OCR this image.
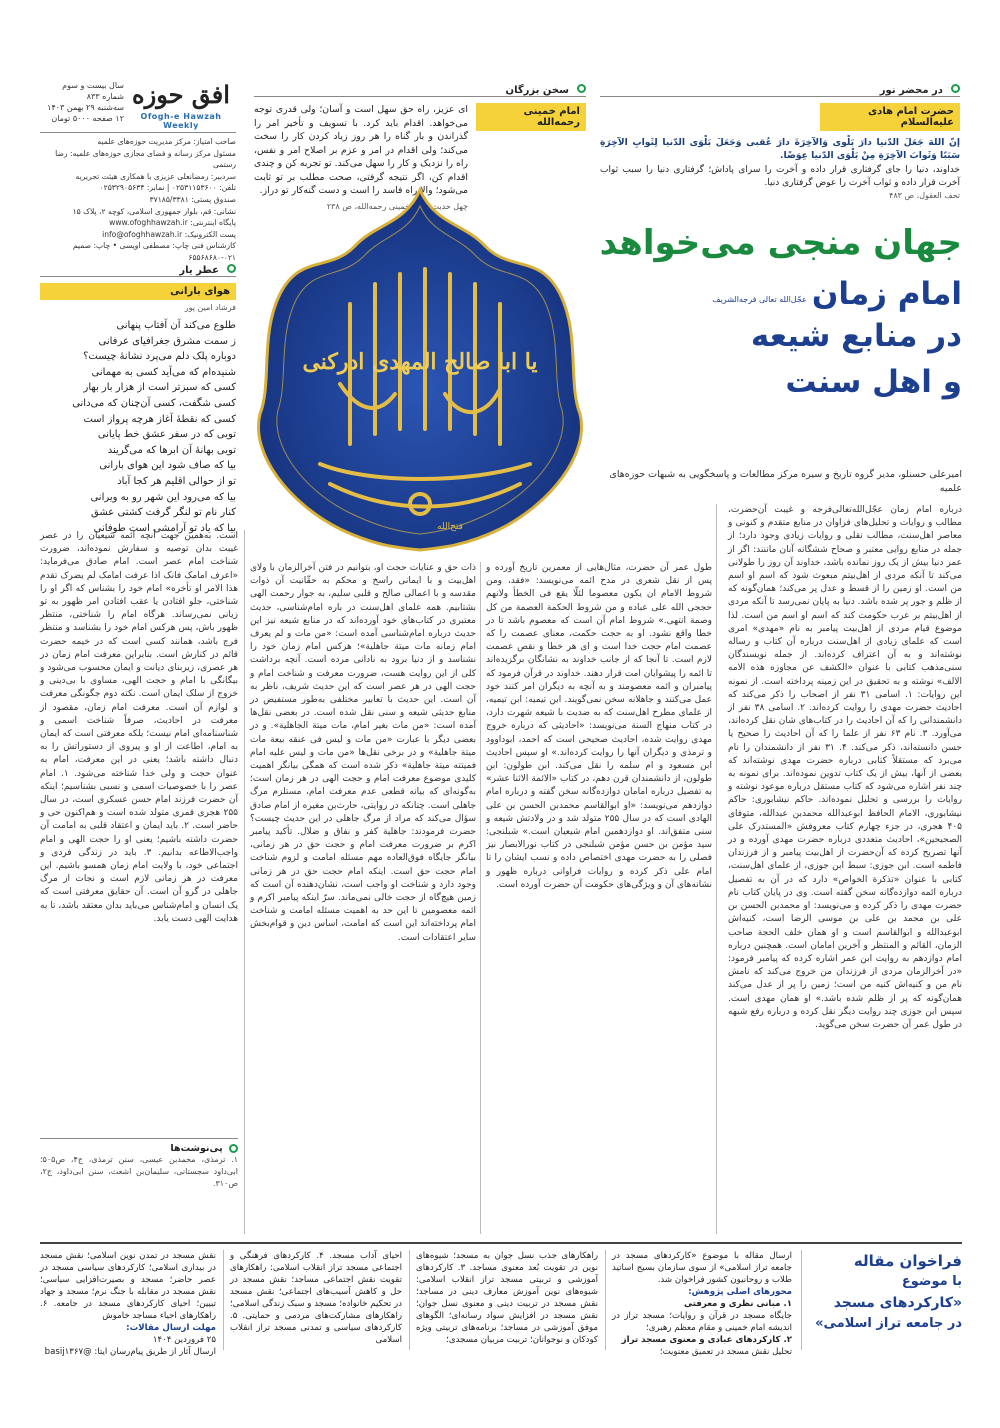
افق حوزه
Ofogh-e Hawzah Weekly
سال بیست و سوم
شماره ۸۳۳
سه‌شنبه ۲۹ بهمن ۱۴۰۳
۱۲ صفحه ۵۰۰۰ تومان
صاحب امتیاز: مرکز مدیریت حوزه‌های علمیه
مسئول مرکز رسانه و فضای مجازی حوزه‌های علمیه: رضا رستمی
سردبیر: رمضانعلی عزیزی با همکاری هیئت تحریریه
تلفن: ۰۲۵۳۱۱۵۳۶۰۰ | نمابر: ۰۲۵۳۲۹۰۵۶۳۴
صندوق پستی: ۳۷۱۸۵/۳۳۸۱
نشانی: قم، بلوار جمهوری اسلامی، کوچه ۲، پلاک ۱۵
پایگاه اینترنتی: www.ofoghhawzah.ir
پست الکترونیک: info@ofoghhawzah.ir
کارشناس فنی چاپ: مصطفی اویسی • چاپ: صمیم ۰۲۱-۶۵۵۶۸۶۸۰
عطر یار
هوای بارانی
فرشاد امین پور
طلوع می‌کند آن آفتاب پنهانی
ز سمت مشرق جغرافیای عرفانی
دوباره پلک دلم می‌پرد نشانهٔ چیست؟
شنیده‌ام که می‌آید کسی به مهمانی
کسی که سبزتر است از هزار بار بهار
کسی شگفت، کسی آن‌چنان که می‌دانی
کسی که نقطهٔ آغاز هرچه پرواز است
تویی که در سفر عشق خط پایانی
تویی بهانهٔ آن ابرها که می‌گریند
بیا که صاف شود این هوای بارانی
تو از حوالی اقلیم هر کجا آباد
بیا که می‌رود این شهر رو به ویرانی
کنار نام تو لنگر گرفت کشتی عشق
بیا که یاد تو آرامشی است طوفانی
سخن بزرگان
امام خمینی رحمه‌الله
ای عزیز، راه حق سهل است و آسان؛ ولی قدری توجه می‌خواهد. اقدام باید کرد. با تسویف و تأخیر امر را گذراندن و بار گناه را هر روز زیاد کردن کار را سخت می‌کند؛ ولی اقدام در امر و عزم بر اصلاح امر و نفس، راه را نزدیک و کار را سهل می‌کند. تو تجربه کن و چندی اقدام کن، اگر نتیجه گرفتی، صحت مطلب بر تو ثابت می‌شود؛ والا راه فاسد را است و دست گنه‌کار تو دراز.
چهل حدیث، امام خمینی رحمه‌الله، ص ۲۳۸
در محضر نور
حضرت امام هادی علیه‌السلام
إنّ اللهَ جَعَلَ الدّنیا دارَ بَلْوی وَالآخِرَةَ دارَ عُقبی وَجَعَلَ بَلْوَی الدّنیا لِثَوابِ الآخِرَةِ سَبَبًا وَثَوابَ الآخِرَةِ مِنْ بَلْوَی الدّنیا عِوَضًا.
خداوند، دنیا را جای گرفتاری قرار داده و آخرت را سرای پاداش؛ گرفتاری دنیا را سبب ثواب آخرت قرار داده و ثواب آخرت را عوض گرفتاری دنیا.
تحف العقول، ص ۴۸۳
یا ابا صالح المهدی ادرکنی
فتح‌الله
جهان منجی می‌خواهد
امام زمان عجّل‌الله تعالی فرجه‌الشریف
در منابع شیعه
و اهل سنت
امیرعلی حسنلو، مدیر گروه تاریخ و سیره مرکز مطالعات و پاسخگویی به شبهات حوزه‌های علمیه
درباره امام زمان عجّل‌الله‌تعالی‌فرجه و غیبت آن‌حضرت، مطالب و روایات و تحلیل‌های فراوان در منابع متقدم و کنونی و معاصر اهل‌سنت، مطالب نقلی و روایات زیادی وجود دارد؛ از جمله در منابع روایی معتبر و صحاح ششگانه آنان ماننند: اگر از عمر دنیا بیش از یک روز نمانده باشد، خداوند آن روز را طولانی می‌کند تا آنکه مردی از اهل‌بیتم مبعوث شود که اسم او اسم من است. او زمین را از قسط و عدل پر می‌کند؛ همان‌گونه که از ظلم و جور پر شده باشد. دنیا به پایان نمی‌رسد تا آنکه مردی از اهل‌بیتم بر عرب حکومت کند که اسم او اسم من است. لذا موضوع قیام مردی از اهل‌بیت پیامبر به نام «مهدی» امری است که علمای زیادی از اهل‌سنت درباره آن کتاب و رساله نوشته‌اند و به آن اعتراف کرده‌اند. از جمله نویسندگان سنی‌مذهب کتابی با عنوان «الکشف عن مجاوزه هذه الامه الالف» نوشته و به تحقیق در این زمینه پرداخته است. از نمونه این روایات: ۱. اسامی ۳۱ نفر از اصحاب را ذکر می‌کند که احادیث حضرت مهدی را روایت کرده‌اند. ۲. اسامی ۳۸ نفر از دانشمندانی را که آن احادیث را در کتاب‌های شان نقل کرده‌اند، می‌آورد. ۳. نام ۶۳ نفر از علما را که آن احادیث را صحیح یا حسن دانسته‌اند، ذکر می‌کند. ۴. ۳۱ نفر از دانشمندان را نام می‌برد که مستقلاً کتابی درباره حضرت مهدی نوشته‌اند که بعضی از آنها، بیش از یک کتاب تدوین نموده‌اند. برای نمونه به چند نفر اشاره می‌شود که کتاب مستقل درباره موعود نوشته و روایات را بررسی و تحلیل نموده‌اند. حاکم نیشابوری: حاکم نیشابوری، الامام الحافظ ابوعبدالله محمدبن عبدالله، متوفای ۴۰۵ هجری، در جزء چهارم کتاب معروفش «المستدرک علی الصحیحین»، احادیث متعددی درباره حضرت مهدی آورده و در آنها تصریح کرده که آن‌حضرت از اهل‌بیت پیامبر و از فرزندان فاطمه است. ابن جوزی: سبط ابن جوزی، از علمای اهل‌سنت، کتابی با عنوان «تذکرة الخواص» دارد که در آن به تفصیل درباره ائمه دوازده‌گانه سخن گفته است. وی در پایان کتاب نام حضرت مهدی را ذکر کرده و می‌نویسد: او محمدبن الحسن بن علی بن محمد بن علی بن موسی الرضا است، کنیه‌اش ابوعبدالله و ابوالقاسم است و او همان خلف الحجة صاحب الزمان، القائم و المنتظر و آخرین امامان است. همچنین درباره امام دوازدهم به روایت ابن عمر اشاره کرده که پیامبر فرمود: «در آخرالزمان مردی از فرزندان من خروج می‌کند که نامش نام من و کنیه‌اش کنیه من است؛ زمین را پر از عدل می‌کند همان‌گونه که پر از ظلم شده باشد.» او همان مهدی است. سپس ابن جوزی چند روایت دیگر نقل کرده و درباره رفع شبهه در طول عمر آن حضرت سخن می‌گوید.
طول عمر آن حضرت، مثال‌هایی از معمرین تاریخ آورده و پس از نقل شعری در مدح ائمه می‌نویسد: «فقد، ومن شروط الامام ان یکون معصوما لئلّا یقع فی الخطأ ولانهم حججی الله علی عباده و من شروط الحکمة العصمة من کل وصمة انتهی.» شروط امام آن است که معصوم باشد تا در خطا واقع نشود. او به حجت حکمت، معنای عصمت را که عصمت امام حجت خدا است و ای هر خطا و نقص عصمت لازم است. تا آنجا که از جانب خداوند به نشانگان برگزیده‌اند تا ائمه را پیشوایان امت قرار دهند. خداوند در قرآن فرمود که پیامبران و ائمه معصومند و به آنچه به دیگران امر کنند خود عمل می‌کنند و جاهلانه سخن نمی‌گویند. ابن تیمیه: ابن تیمیه، از علمای مطرح اهل‌سنت که به ضدیت با شیعه شهرت دارد، در کتاب منهاج السنة می‌نویسد: «احادیثی که درباره خروج مهدی روایت شده، احادیث صحیحی است که احمد، ابوداوود و ترمذی و دیگران آنها را روایت کرده‌اند.» او سپس احادیث ابن مسعود و ام سلمه را نقل می‌کند. ابن طولون: ابن طولون، از دانشمندان قرن دهم، در کتاب «الائمة الاثنا عشر» به تفصیل درباره امامان دوازده‌گانه سخن گفته و درباره امام دوازدهم می‌نویسد: «او ابوالقاسم محمدبن الحسن بن علی الهادی است که در سال ۲۵۵ متولد شد و در ولادتش شیعه و سنی متفق‌اند. او دوازدهمین امام شیعیان است.» شبلنجی: سید مؤمن بن حسن مؤمن شبلنجی در کتاب نورالابصار نیز فصلی را به حضرت مهدی اختصاص داده و نسب ایشان را تا امام علی ذکر کرده و روایات فراوانی درباره ظهور و نشانه‌های آن و ویژگی‌های حکومت آن حضرت آورده است.
ذات حق و عنایات حجت او، بتوانیم در فتن آخرالزمان با ولای اهل‌بیت و با ایمانی راسخ و محکم به حقّانیت آن ذوات مقدسه و با اعمالی صالح و قلبی سلیم، به جوار رحمت الهی بشتابیم. همه علمای اهل‌سنت در باره امام‌شناسی، حدیث معتبری در کتاب‌های خود آورده‌اند که در منابع شیعه نیز این حدیث درباره امام‌شناسی آمده است: «من مات و لم یعرف امام زمانه مات میتة جاهلیة»؛ هرکس امام زمان خود را نشناسد و از دنیا برود به نادانی مرده است. آنچه برداشت کلی از این روایت هست، ضرورت معرفت و شناخت امام و حجت الهی در هر عصر است که این حدیث شریف، ناظر به آن است. این حدیث با تعابیر مختلفی به‌طور مستفیض در منابع حدیثی شیعه و سنی نقل شده است. در بعضی نقل‌ها آمده است: «من مات بغیر امام، مات میتة الجاهلیة». و در بعضی دیگر با عبارت «من مات و لیس فی عنقه بیعة مات میتة جاهلیة» و در برخی نقل‌ها «من مات و لیس علیه امام فمیتته میتة جاهلیة» ذکر شده است که همگی بیانگر اهمیت کلیدی موضوع معرفت امام و حجت الهی در هر زمان است؛ به‌گونه‌ای که بیانه قطعی عدم معرفت امام، مستلزم مرگ جاهلی است. چنانکه در روایتی، حارث‌بن مغیره از امام صادق سؤال می‌کند که مراد از مرگ جاهلی در این حدیث چیست؟ حضرت فرمودند: جاهلیة کفر و نفاق و ضلال. تأکید پیامبر اکرم بر ضرورت معرفت امام و حجت حق در هر زمانی، بیانگر جایگاه فوق‌العاده مهم مسئله امامت و لزوم شناخت امام حجت حق است. اینکه امام حجت حق در هر زمانی وجود دارد و شناخت او واجب است، نشان‌دهنده آن است که زمین هیچ‌گاه از حجت خالی نمی‌ماند. سرّ اینکه پیامبر اکرم و ائمه معصومین تا این حد به اهمیت مسئله امامت و شناخت امام پرداخته‌اند این است که امامت، اساس دین و قوام‌بخش سایر اعتقادات است.
است. به‌همین جهت آنچه ائمه شیعیان را در عصر غیبت بدان توصیه و سفارش نموده‌اند، ضرورت شناخت امام عصر است. امام صادق می‌فرماید: «اعرف امامک فانک اذا عرفت امامک لم یضرک تقدم هذا الامر او تأخره» امام خود را بشناس که اگر او را شناختی، جلو افتادن یا عقب افتادن امر ظهور به تو زیانی نمی‌رساند. هرگاه امام را شناختی، منتظر ظهور باش، پس هرکس امام خود را بشناسد و منتظر فرج باشد، همانند کسی است که در خیمه حضرت قائم در کنارش است. بنابراین معرفت امام زمان در هر عصری، زیربنای دیانت و ایمان محسوب می‌شود و بیگانگی با امام و حجت الهی، مساوی با بی‌دینی و خروج از سلک ایمان است. نکته دوم جگونگی معرفت و لوازم آن است. معرفت امام زمان، مقصود از معرفت در احادیث، صرفاً شناخت اسمی و شناسنامه‌ای امام نیست؛ بلکه معرفتی است که ایمان به امام، اطاعت از او و پیروی از دستوراتش را به دنبال داشته باشد؛ یعنی در این معرفت، امام به عنوان حجت و ولی خدا شناخته می‌شود. ۱. امام عصر را با خصوصیات اسمی و نسبی بشناسیم؛ اینکه آن حضرت فرزند امام حسن عسکری است، در سال ۲۵۵ هجری قمری متولد شده است و هم‌اکنون حی و حاضر است. ۲. باید ایمان و اعتقاد قلبی به امامت آن حضرت داشته باشیم؛ یعنی او را حجت الهی و امام واجب‌الاطاعه بدانیم. ۳. باید در زندگی فردی و اجتماعی خود، با ولایت امام زمان همسو باشیم. این معرفت در هر زمانی لازم است و نجات از مرگ جاهلی در گرو آن است. آن حقایق معرفتی است که یک انسان و امام‌شناس می‌باید بدان معتقد باشد، تا به هدایت الهی دست یابد.
پی‌نوشت‌ها
۱. ترمذی، محمدبن عیسی، سنن ترمذی، ج۴، ص۵۰۵؛ ابی‌داود سجستانی، سلیمان‌بن اشعث، سنن ابی‌داود، ج۲، ص۳۱۰.
فراخوان مقاله
با موضوع
«کارکردهای مسجد
در جامعه تراز اسلامی»
ارسال مقاله با موضوع «کارکردهای مسجد در جامعه تراز اسلامی» از سوی سازمان بسیج اساتید طلاب و روحانیون کشور فراخوان شد.
محورهای اصلی پژوهش:
۱. مبانی نظری و معرفتی
جایگاه مسجد در قرآن و روایات؛ مسجد تراز در اندیشه امام خمینی و مقام معظم رهبری؛
۲. کارکردهای عبادی و معنوی مسجد تراز
تحلیل نقش مسجد در تعمیق معنویت؛
راهکارهای جذب نسل جوان به مسجد؛ شیوه‌های نوین در تقویت بُعد معنوی مساجد. ۳. کارکردهای آموزشی و تربیتی مسجد تراز انقلاب اسلامی: شیوه‌های نوین آموزش معارف دینی در مساجد؛ نقش مسجد در تربیت دینی و معنوی نسل جوان؛ نقش مسجد در افزایش سواد رسانه‌ای؛ الگوهای موفق آموزشی در مساجد؛ برنامه‌های تربیتی ویژه کودکان و نوجوانان؛ تربیت مربیان مسجدی؛
احیای آداب مسجد. ۴. کارکردهای فرهنگی و اجتماعی مسجد تراز انقلاب اسلامی: راهکارهای تقویت نقش اجتماعی مساجد؛ نقش مسجد در حل و کاهش آسیب‌های اجتماعی؛ نقش مسجد در تحکیم خانواده؛ مسجد و سبک زندگی اسلامی؛ راهکارهای مشارکت‌های مردمی و حمایتی. ۵. کارکردهای سیاسی و تمدنی مسجد تراز انقلاب اسلامی
نقش مسجد در تمدن نوین اسلامی؛ نقش مسجد در بیداری اسلامی؛ کارکردهای سیاسی مسجد در عصر حاضر؛ مسجد و بصیرت‌افزایی سیاسی؛ نقش مسجد در مقابله با جنگ نرم؛ مسجد و جهاد تبیین؛ احیای کارکردهای مسجد در جامعه. ۶. راهکارهای احیاء مساجد خاموش
مهلت ارسال مقالات:
۲۵ فروردین ۱۴۰۴
ارسال آثار از طریق پیام‌رسان ایتا: @basij۱۳۶۷
